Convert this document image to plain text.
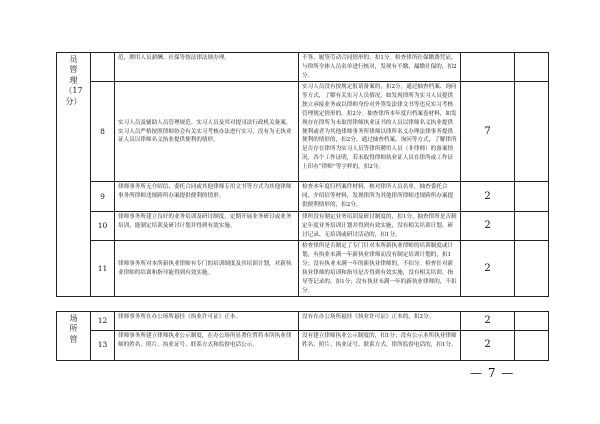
员
管
理
（17分）		范，聘用人员薪酬、社保等按法律法规办理。	不签、履签劳动合同情形的，扣1分。检查律所社保缴费凭证，与律所全体人员名单进行核对，发现有不缴、漏缴社保的，扣2分。		
	8	实习人员及辅助人员管理规范。实习人员及其对提司法行政机关备案，实习人员严格按照律师协会有关实习考核办法进行实习，没有为无执业证人员以律师名义执业提供便利的情形。	实习人员没有按规定报请备案的，扣2分。通过抽查档案、询问等方式，了解有关实习人员情况，如发现律所为实习人员提供独立承接业务或以律师身份对外签发法律文书等违反实习考核管理规定情形的，扣2分。抽查律所本年度归档案卷材料，如发现存在律所为未取得律师执业证书的人员以律师名义执业提供便利或者为其他律师事务所律师以律所名义办理法律事务提供便利的情形的，扣2分。通过抽查档案、询问等方式，了解律所是否存在律所为实习人员等律所聘用人员（非律师）的备案情况，各个工作证明，若未取得律师执业证人员在律所或工作证上印有“律师”等字样的，扣2分。	7	
	9	律师事务所无介绍信、委托合同或其他律师专用文书等方式为其他律师事务所律师违规跨所办案提供便利的情形。	检查本年度归档案件材料，核对律所人员名单，抽查委托合同、介绍信等材料，发现律所为其他律所律师违规跨所办案提供便利情形的，扣2分。	2	
	10	律师事务所建立良好的业务培训及研讨制度，定期开展业务研讨或业务培训，能制定培训及研讨计划并得到有效实施。	律所没有制定业务培训及研讨制度的，扣1分。抽查律所是否制定年度业务培训计划并得到有效实施，没有相关培训计划、研讨记录、无培训或研讨活动的，扣1分。	2	
	11	律师事务所对本所新执业律师有专门的培训制度及其培训计划，对新执业律师的培训和指导能得到有效实施。	检查律所是否制定了专门针对本所新执业律师的培训制度或计划，有执业未满一年新执业律师而没有制定培训计划的，扣1分；没有执业未满一年的新执业律师的，不扣分。检查针对新执业律师的培训和指导是否得到有效实施，没有相关培训、指导等记录的，扣1分；没有执业未满一年的新执业律师的，不扣分。	2	
场
所
管	12	律师事务所在办公场所悬挂《执业许可证》正本。	没有在办公场所悬挂《执业许可证》正本的，扣2分。	2	
	13	律师事务所建立律师执业公示制度，在办公场所显著位置将本所执业律师的姓名、照片、执业证号、联系方式和监督电话公示。	没有建立律师执业公示制度的，扣1分；没有公示本所执业律师姓名、照片、执业证号、联系方式、律所监督电话的，扣1分。	2	
— 7 —
